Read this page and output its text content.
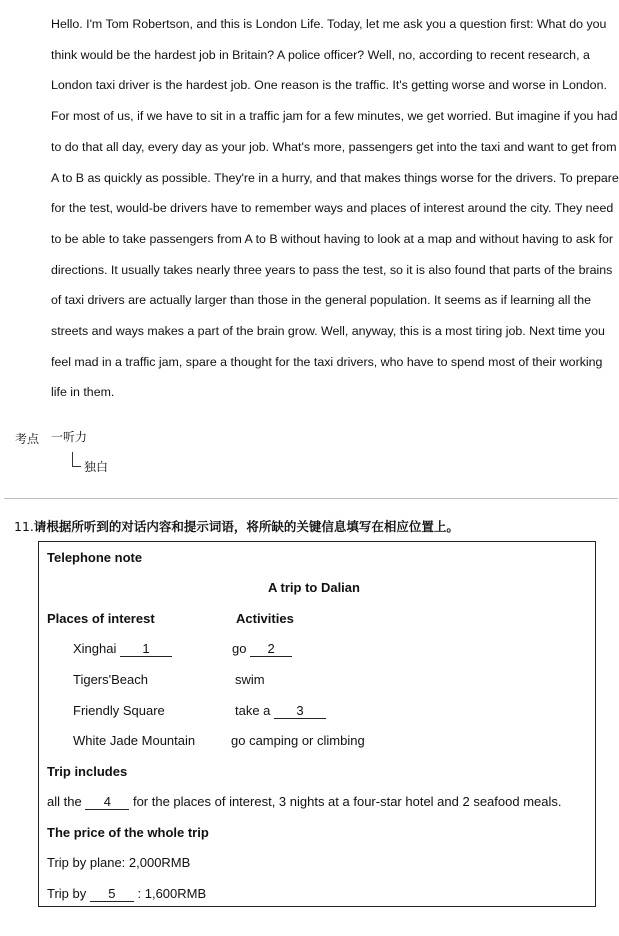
Hello. I'm Tom Robertson, and this is London Life. Today, let me ask you a question first: What do you think would be the hardest job in Britain? A police officer? Well, no, according to recent research, a London taxi driver is the hardest job. One reason is the traffic. It's getting worse and worse in London. For most of us, if we have to sit in a traffic jam for a few minutes, we get worried. But imagine if you had to do that all day, every day as your job. What's more, passengers get into the taxi and want to get from A to B as quickly as possible. They're in a hurry, and that makes things worse for the drivers. To prepare for the test, would-be drivers have to remember ways and places of interest around the city. They need to be able to take passengers from A to B without having to look at a map and without having to ask for directions. It usually takes nearly three years to pass the test, so it is also found that parts of the brains of taxi drivers are actually larger than those in the general population. It seems as if learning all the streets and ways makes a part of the brain grow. Well, anyway, this is a most tiring job. Next time you feel mad in a traffic jam, spare a thought for the taxi drivers, who have to spend most of their working life in them.

考点 一听力
独白
11.请根据所听到的对话内容和提示词语，将所缺的关键信息填写在相应位置上。
Telephone note
A trip to Dalian
Places of interest	Activities
Xinghai 1	go 2
Tigers'Beach	swim
Friendly Square	take a 3
White Jade Mountain	go camping or climbing
Trip includes
all the 4 for the places of interest, 3 nights at a four-star hotel and 2 seafood meals.
The price of the whole trip
Trip by plane: 2,000RMB
Trip by 5 : 1,600RMB
